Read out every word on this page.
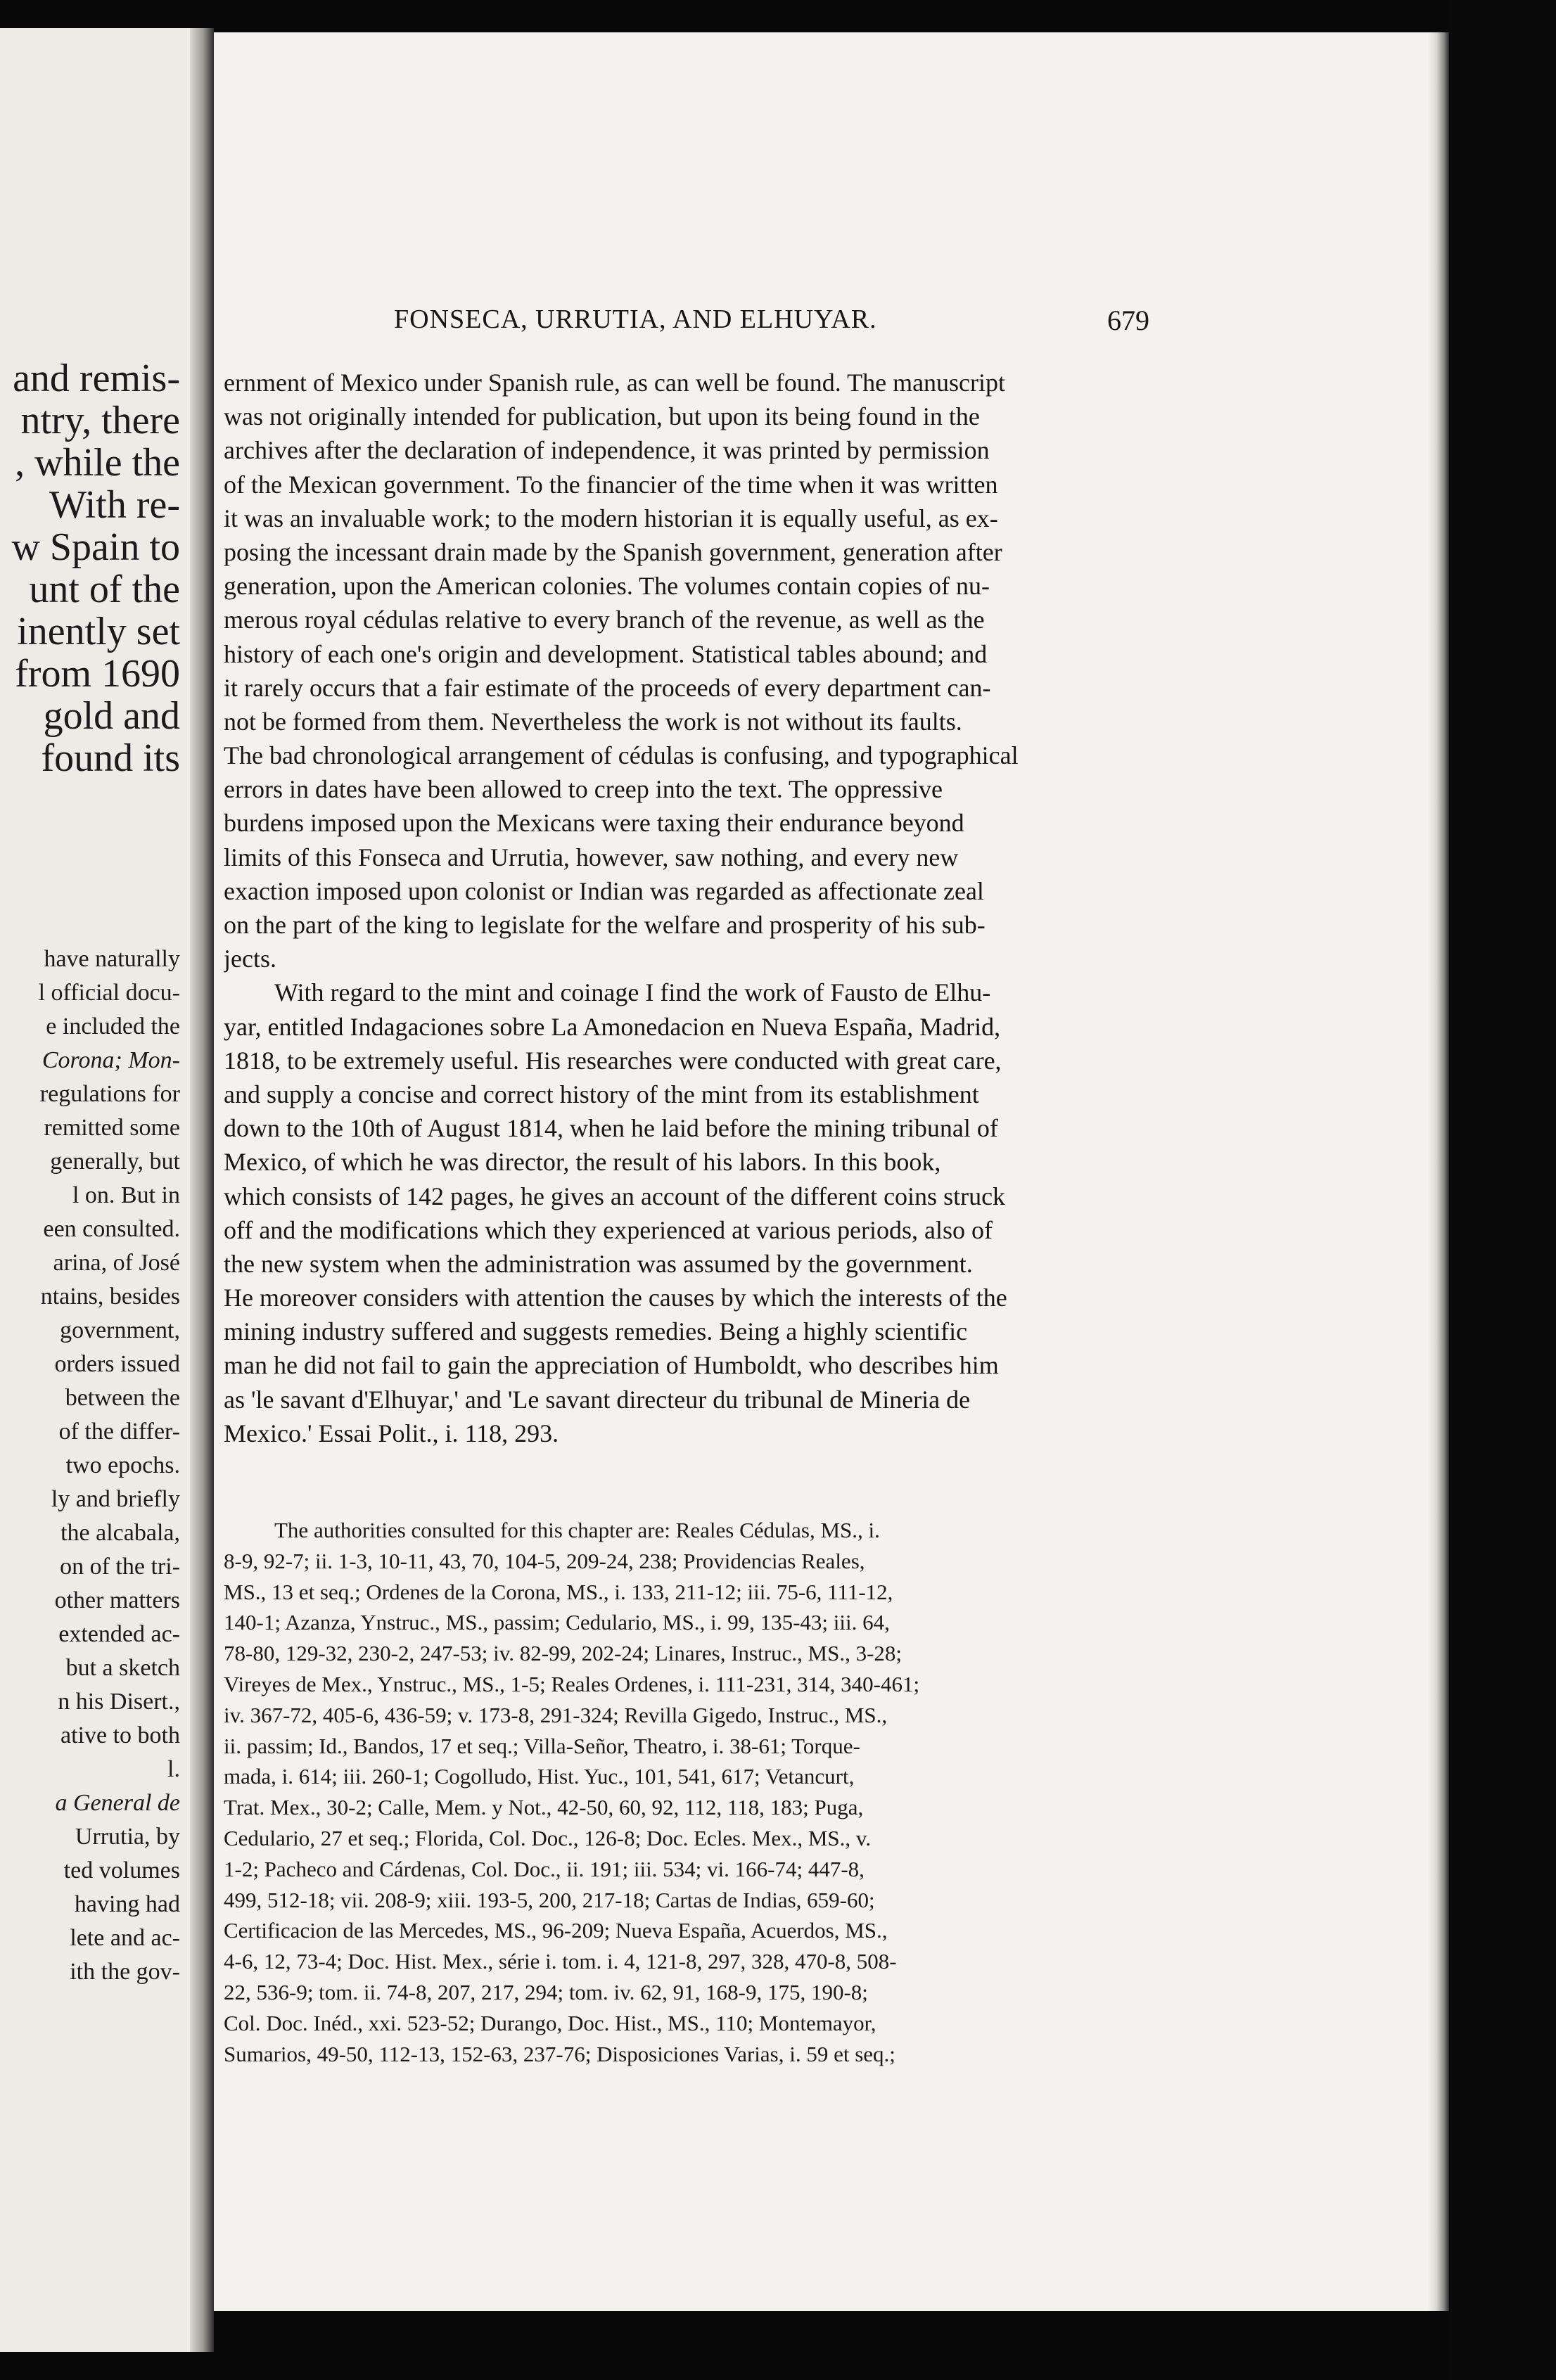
and remis-
ntry, there
, while the
With re-
w Spain to
unt of the
inently set
from 1690
gold and
found its
have naturally
l official docu-
e included the
Corona; Mon-
regulations for
remitted some
generally, but
l on. But in
een consulted.
arina, of José
ntains, besides
government,
orders issued
between the
of the differ-
two epochs.
ly and briefly
the alcabala,
on of the tri-
other matters
extended ac-
but a sketch
n his Disert.,
ative to both
l.
a General de
Urrutia, by
ted volumes
having had
lete and ac-
ith the gov-
FONSECA, URRUTIA, AND ELHUYAR.	679
ernment of Mexico under Spanish rule, as can well be found. The manuscript
was not originally intended for publication, but upon its being found in the
archives after the declaration of independence, it was printed by permission
of the Mexican government. To the financier of the time when it was written
it was an invaluable work; to the modern historian it is equally useful, as ex-
posing the incessant drain made by the Spanish government, generation after
generation, upon the American colonies. The volumes contain copies of nu-
merous royal cédulas relative to every branch of the revenue, as well as the
history of each one's origin and development. Statistical tables abound; and
it rarely occurs that a fair estimate of the proceeds of every department can-
not be formed from them. Nevertheless the work is not without its faults.
The bad chronological arrangement of cédulas is confusing, and typographical
errors in dates have been allowed to creep into the text. The oppressive
burdens imposed upon the Mexicans were taxing their endurance beyond
limits of this Fonseca and Urrutia, however, saw nothing, and every new
exaction imposed upon colonist or Indian was regarded as affectionate zeal
on the part of the king to legislate for the welfare and prosperity of his sub-
jects.
With regard to the mint and coinage I find the work of Fausto de Elhu-
yar, entitled Indagaciones sobre La Amonedacion en Nueva España, Madrid,
1818, to be extremely useful. His researches were conducted with great care,
and supply a concise and correct history of the mint from its establishment
down to the 10th of August 1814, when he laid before the mining tribunal of
Mexico, of which he was director, the result of his labors. In this book,
which consists of 142 pages, he gives an account of the different coins struck
off and the modifications which they experienced at various periods, also of
the new system when the administration was assumed by the government.
He moreover considers with attention the causes by which the interests of the
mining industry suffered and suggests remedies. Being a highly scientific
man he did not fail to gain the appreciation of Humboldt, who describes him
as 'le savant d'Elhuyar,' and 'Le savant directeur du tribunal de Mineria de
Mexico.' Essai Polit., i. 118, 293.
The authorities consulted for this chapter are: Reales Cédulas, MS., i.
8-9, 92-7; ii. 1-3, 10-11, 43, 70, 104-5, 209-24, 238; Providencias Reales,
MS., 13 et seq.; Ordenes de la Corona, MS., i. 133, 211-12; iii. 75-6, 111-12,
140-1; Azanza, Ynstruc., MS., passim; Cedulario, MS., i. 99, 135-43; iii. 64,
78-80, 129-32, 230-2, 247-53; iv. 82-99, 202-24; Linares, Instruc., MS., 3-28;
Vireyes de Mex., Ynstruc., MS., 1-5; Reales Ordenes, i. 111-231, 314, 340-461;
iv. 367-72, 405-6, 436-59; v. 173-8, 291-324; Revilla Gigedo, Instruc., MS.,
ii. passim; Id., Bandos, 17 et seq.; Villa-Señor, Theatro, i. 38-61; Torque-
mada, i. 614; iii. 260-1; Cogolludo, Hist. Yuc., 101, 541, 617; Vetancurt,
Trat. Mex., 30-2; Calle, Mem. y Not., 42-50, 60, 92, 112, 118, 183; Puga,
Cedulario, 27 et seq.; Florida, Col. Doc., 126-8; Doc. Ecles. Mex., MS., v.
1-2; Pacheco and Cárdenas, Col. Doc., ii. 191; iii. 534; vi. 166-74; 447-8,
499, 512-18; vii. 208-9; xiii. 193-5, 200, 217-18; Cartas de Indias, 659-60;
Certificacion de las Mercedes, MS., 96-209; Nueva España, Acuerdos, MS.,
4-6, 12, 73-4; Doc. Hist. Mex., série i. tom. i. 4, 121-8, 297, 328, 470-8, 508-
22, 536-9; tom. ii. 74-8, 207, 217, 294; tom. iv. 62, 91, 168-9, 175, 190-8;
Col. Doc. Inéd., xxi. 523-52; Durango, Doc. Hist., MS., 110; Montemayor,
Sumarios, 49-50, 112-13, 152-63, 237-76; Disposiciones Varias, i. 59 et seq.;
